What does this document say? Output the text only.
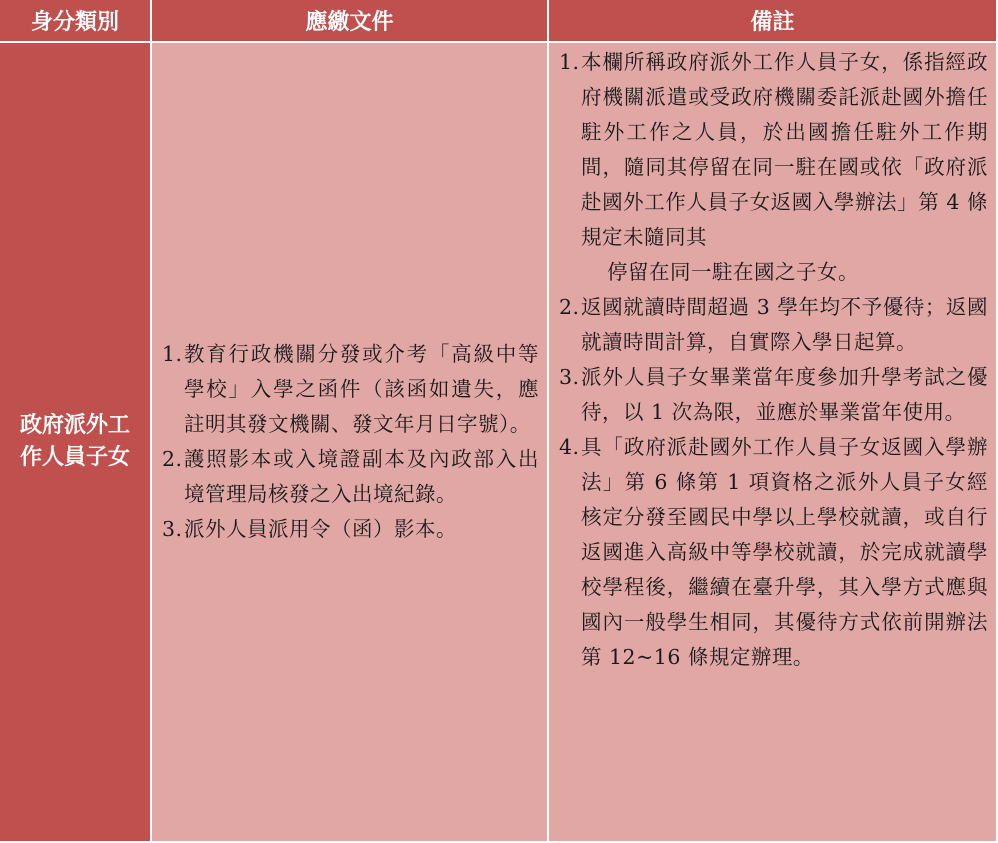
身分類別	應繳文件	備註
政府派外工作人員子女
1. 教育行政機關分發或介考「高級中等學校」入學之函件（該函如遺失，應註明其發文機關、發文年月日字號）。
2. 護照影本或入境證副本及內政部入出境管理局核發之入出境紀錄。
3. 派外人員派用令（函）影本。
1. 本欄所稱政府派外工作人員子女，係指經政府機關派遣或受政府機關委託派赴國外擔任駐外工作之人員，於出國擔任駐外工作期間，隨同其停留在同一駐在國或依「政府派赴國外工作人員子女返國入學辦法」第 4 條規定未隨同其
停留在同一駐在國之子女。
2. 返國就讀時間超過 3 學年均不予優待；返國就讀時間計算，自實際入學日起算。
3. 派外人員子女畢業當年度參加升學考試之優待，以 1 次為限，並應於畢業當年使用。
4. 具「政府派赴國外工作人員子女返國入學辦法」第 6 條第 1 項資格之派外人員子女經核定分發至國民中學以上學校就讀，或自行返國進入高級中等學校就讀，於完成就讀學校學程後，繼續在臺升學，其入學方式應與國內一般學生相同，其優待方式依前開辦法第 12~16 條規定辦理。
